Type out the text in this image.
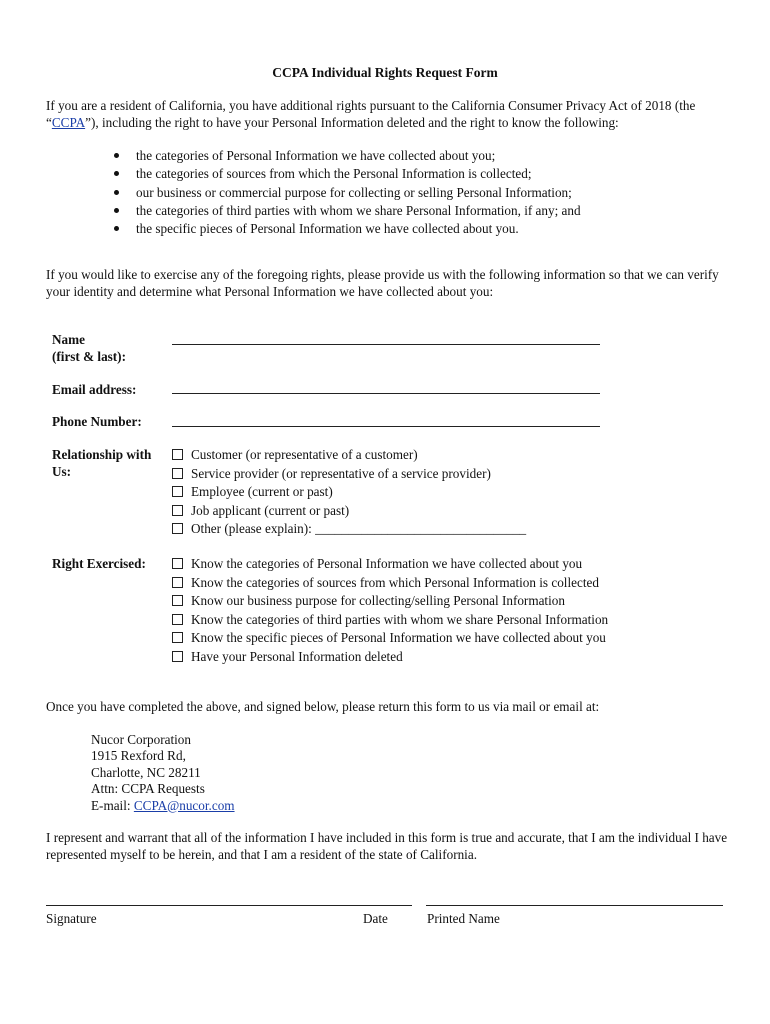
CCPA Individual Rights Request Form
If you are a resident of California, you have additional rights pursuant to the California Consumer Privacy Act of 2018 (the
“CCPA”), including the right to have your Personal Information deleted and the right to know the following:
the categories of Personal Information we have collected about you;
the categories of sources from which the Personal Information is collected;
our business or commercial purpose for collecting or selling Personal Information;
the categories of third parties with whom we share Personal Information, if any; and
the specific pieces of Personal Information we have collected about you.
If you would like to exercise any of the foregoing rights, please provide us with the following information so that we can verify your identity and determine what Personal Information we have collected about you:
Name
(first & last):
Email address:
Phone Number:
Relationship with
Us:
Customer (or representative of a customer)
Service provider (or representative of a service provider)
Employee (current or past)
Job applicant (current or past)
Other (please explain): ________________________________
Right Exercised:	Know the categories of Personal Information we have collected about you
Know the categories of sources from which Personal Information is collected
Know our business purpose for collecting/selling Personal Information
Know the categories of third parties with whom we share Personal Information
Know the specific pieces of Personal Information we have collected about you
Have your Personal Information deleted
Once you have completed the above, and signed below, please return this form to us via mail or email at:
Nucor Corporation
1915 Rexford Rd,
Charlotte, NC 28211
Attn: CCPA Requests
E-mail: CCPA@nucor.com
I represent and warrant that all of the information I have included in this form is true and accurate, that I am the individual I have represented myself to be herein, and that I am a resident of the state of California.
Signature	Date	Printed Name
